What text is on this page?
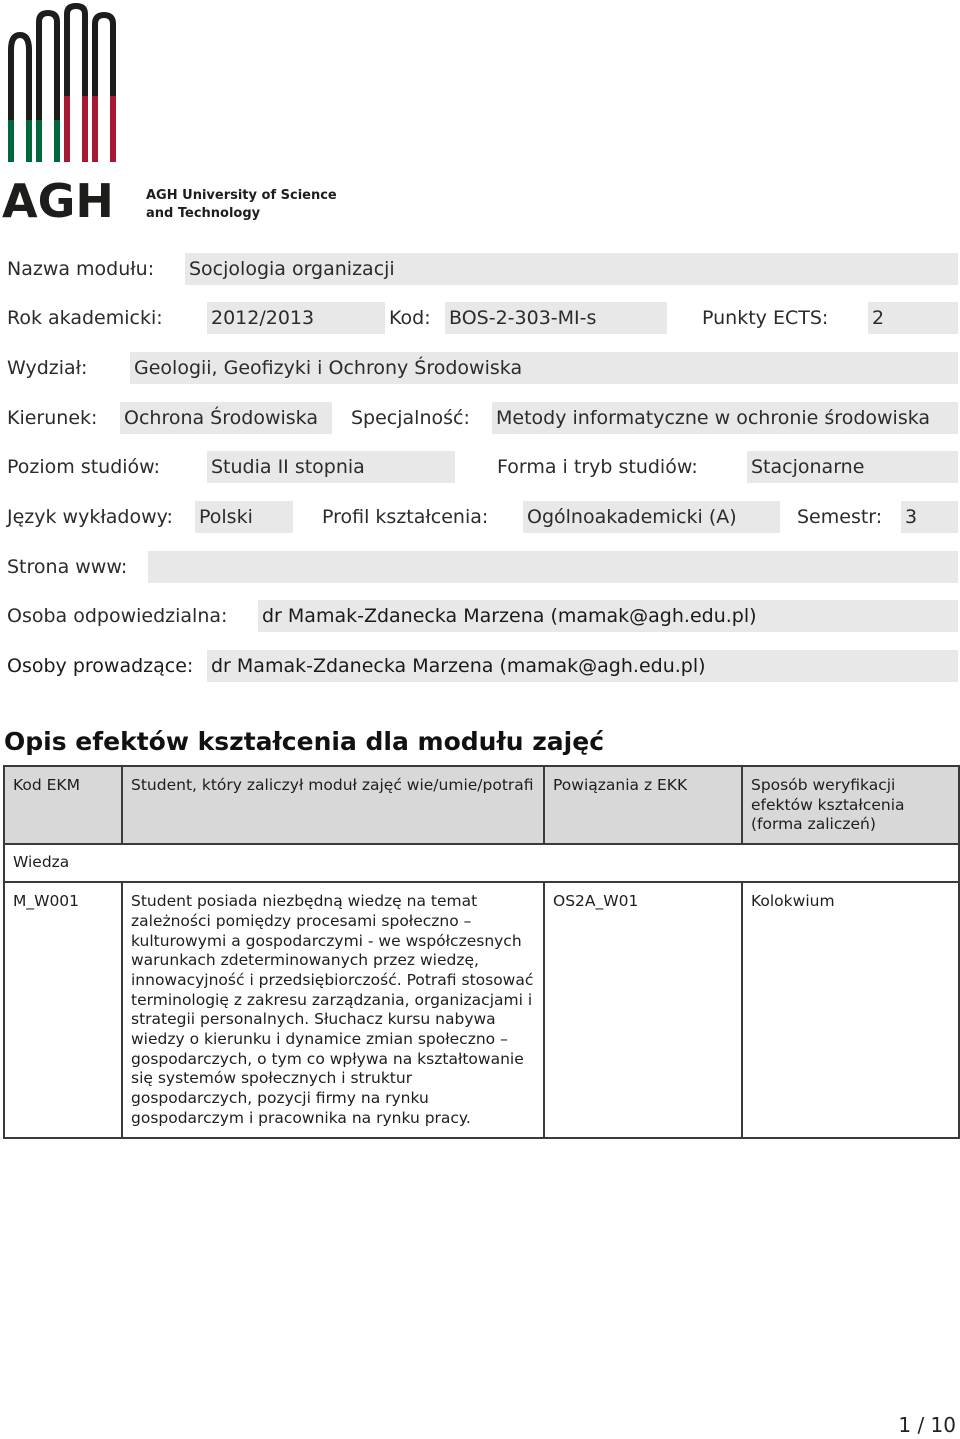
AGH AGH University of Science
and Technology
Nazwa modułu: Socjologia organizacji
Rok akademicki:	2012/2013	Kod: BOS-2-303-MI-s	Punkty ECTS: 2
Wydział: Geologii, Geofizyki i Ochrony Środowiska
Kierunek: Ochrona Środowiska	Specjalność: Metody informatyczne w ochronie środowiska
Poziom studiów:	Studia II stopnia	Forma i tryb studiów:	Stacjonarne
Język wykładowy: Polski	Profil kształcenia: Ogólnoakademicki (A)	Semestr: 3
Strona www:
Osoba odpowiedzialna: dr Mamak-Zdanecka Marzena (mamak@agh.edu.pl)
Osoby prowadzące: dr Mamak-Zdanecka Marzena (mamak@agh.edu.pl)
Opis efektów kształcenia dla modułu zajęć
Kod EKM	Student, który zaliczył moduł zajęć wie/umie/potrafi	Powiązania z EKK	Sposób weryfikacji efektów kształcenia (forma zaliczeń)
Wiedza			
M_W001	Student posiada niezbędną wiedzę na temat zależności pomiędzy procesami społeczno – kulturowymi a gospodarczymi - we współczesnych warunkach zdeterminowanych przez wiedzę, innowacyjność i przedsiębiorczość. Potrafi stosować terminologię z zakresu zarządzania, organizacjami i strategii personalnych. Słuchacz kursu nabywa wiedzy o kierunku i dynamice zmian społeczno – gospodarczych, o tym co wpływa na kształtowanie się systemów społecznych i struktur gospodarczych, pozycji firmy na rynku gospodarczym i pracownika na rynku pracy.	OS2A_W01	Kolokwium
1 / 10
